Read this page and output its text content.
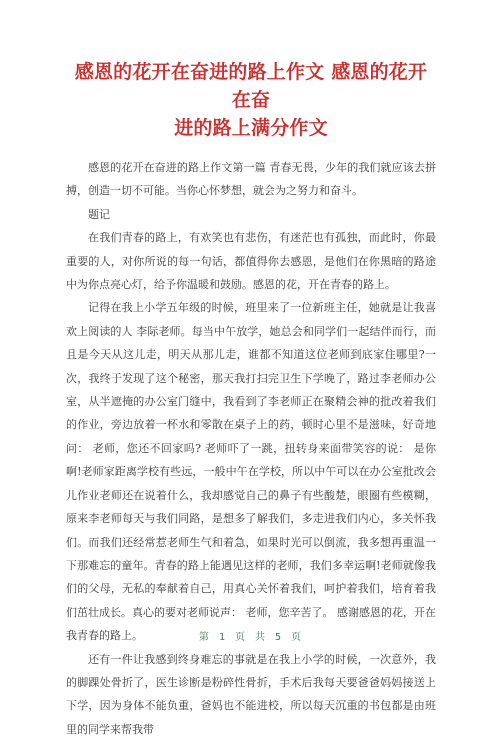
感恩的花开在奋进的路上作文 感恩的花开在奋
进的路上满分作文

感恩的花开在奋进的路上作文第一篇 青春无畏，少年的我们就应该去拼搏，创造一切不可能。当你心怀梦想，就会为之努力和奋斗。

题记

在我们青春的路上，有欢笑也有悲伤，有迷茫也有孤独，而此时，你最重要的人，对你所说的每一句话，都值得你去感恩，是他们在你黑暗的路途中为你点亮心灯，给予你温暖和鼓励。感恩的花，开在青春的路上。

记得在我上小学五年级的时候，班里来了一位新班主任，她就是让我喜欢上阅读的人 李际老师。每当中午放学，她总会和同学们一起结伴而行，而且是今天从这儿走，明天从那儿走，谁都不知道这位老师到底家住哪里?一次，我终于发现了这个秘密，那天我打扫完卫生下学晚了，路过李老师办公室，从半遮掩的办公室门缝中，我看到了李老师正在聚精会神的批改着我们的作业，旁边放着一杯水和零散在桌子上的药，顿时心里不是滋味，好奇地问： 老师，您还不回家吗? 老师吓了一跳，扭转身来面带笑容的说： 是你啊!老师家距离学校有些远，一般中午在学校，所以中午可以在办公室批改会儿作业老师还在说着什么，我却感觉自己的鼻子有些酸楚，眼圈有些模糊，原来李老师每天与我们同路，是想多了解我们，多走进我们内心，多关怀我们。而我们还经常惹老师生气和着急，如果时光可以倒流，我多想再重温一下那难忘的童年。青春的路上能遇见这样的老师，我们多幸运啊!老师就像我们的父母，无私的奉献着自己，用真心关怀着我们，呵护着我们，培育着我们茁壮成长。真心的要对老师说声： 老师，您辛苦了。 感谢感恩的花，开在我青春的路上。

还有一件让我感到终身难忘的事就是在我上小学的时候，一次意外，我的脚踝处骨折了，医生诊断是粉碎性骨折，手术后我每天要爸爸妈妈接送上下学，因为身体不能负重，爸妈也不能进校，所以每天沉重的书包都是由班里的同学来帮我带

第 1 页 共 5 页
